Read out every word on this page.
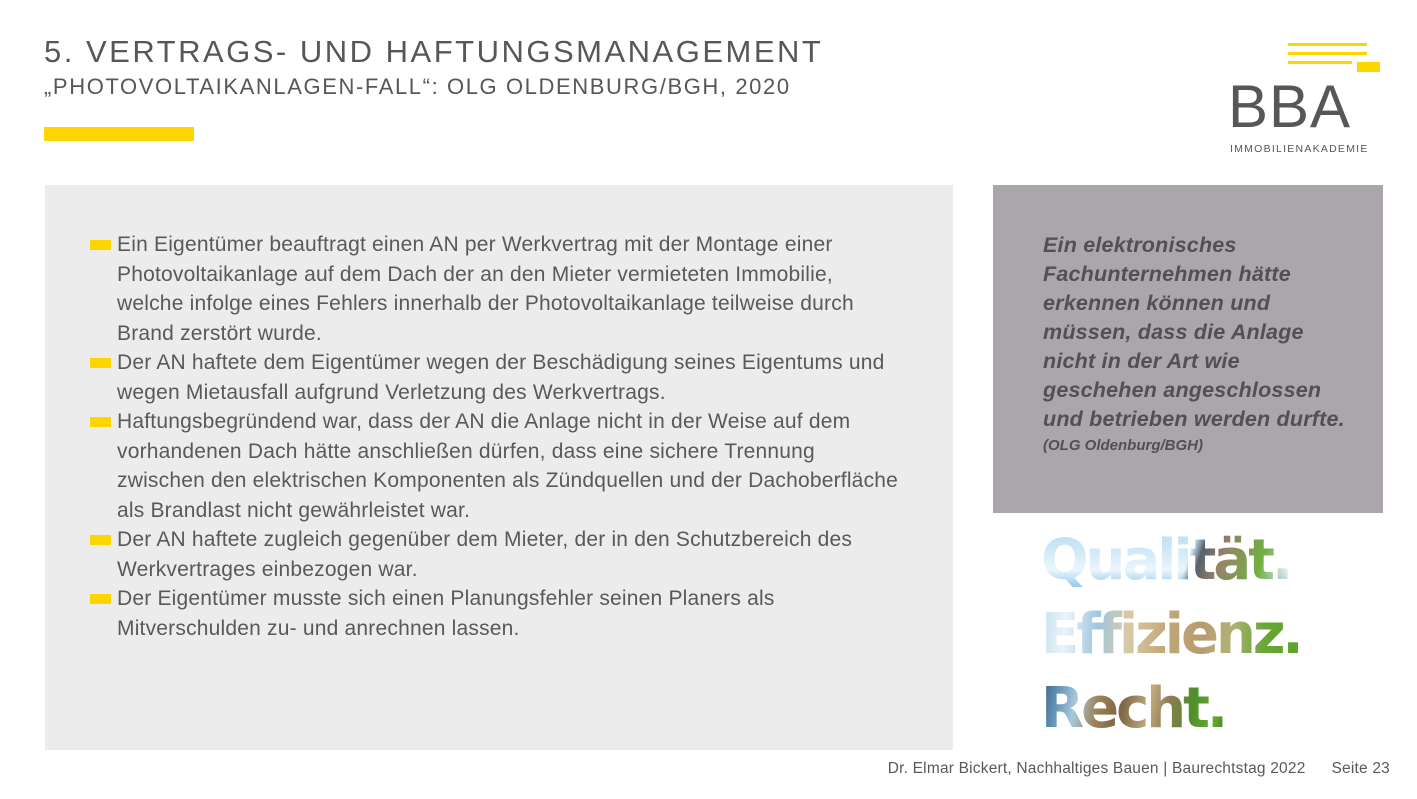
5. VERTRAGS- UND HAFTUNGSMANAGEMENT
„PHOTOVOLTAIKANLAGEN-FALL“: OLG OLDENBURG/BGH, 2020	BBA
IMMOBILIENAKADEMIE
Ein Eigentümer beauftragt einen AN per Werkvertrag mit der Montage einer Photovoltaikanlage auf dem Dach der an den Mieter vermieteten Immobilie, welche infolge eines Fehlers innerhalb der Photovoltaikanlage teilweise durch Brand zerstört wurde.
Der AN haftete dem Eigentümer wegen der Beschädigung seines Eigentums und wegen Mietausfall aufgrund Verletzung des Werkvertrags.
Haftungsbegründend war, dass der AN die Anlage nicht in der Weise auf dem vorhandenen Dach hätte anschließen dürfen, dass eine sichere Trennung zwischen den elektrischen Komponenten als Zündquellen und der Dachoberfläche als Brandlast nicht gewährleistet war.
Der AN haftete zugleich gegenüber dem Mieter, der in den Schutzbereich des Werkvertrages einbezogen war.
Der Eigentümer musste sich einen Planungsfehler seinen Planers als Mitverschulden zu- und anrechnen lassen.

Ein elektronisches Fachunternehmen hätte erkennen können und müssen, dass die Anlage nicht in der Art wie geschehen angeschlossen und betrieben werden durfte.

(OLG Oldenburg/BGH)

Qualität.
Effizienz.
Recht.
Dr. Elmar Bickert, Nachhaltiges Bauen | Baurechtstag 2022 Seite 23
